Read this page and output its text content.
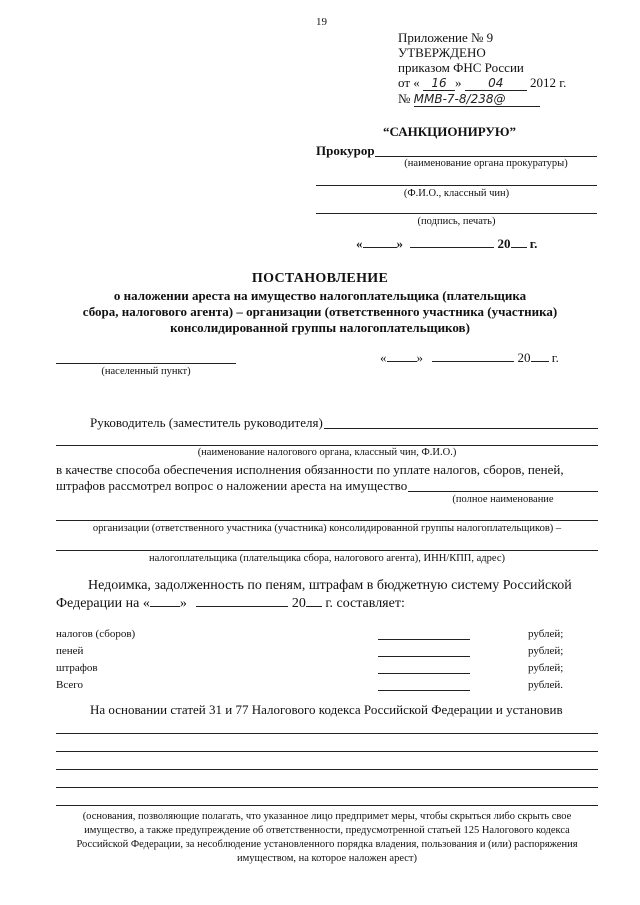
19
Приложение № 9
УТВЕРЖДЕНО
приказом ФНС России
от « 16 » 04 2012 г.
№ ММВ-7-8/238@
“САНКЦИОНИРУЮ”
Прокурор
(наименование органа прокуратуры)
(Ф.И.О., классный чин)
(подпись, печать)
«	»	20 г.
ПОСТАНОВЛЕНИЕ
о наложении ареста на имущество налогоплательщика (плательщика
сбора, налогового агента) – организации (ответственного участника (участника)
консолидированной группы налогоплательщиков)
(населенный пункт)
« »	20 г.
Руководитель (заместитель руководителя)
(наименование налогового органа, классный чин, Ф.И.О.)
в качестве способа обеспечения исполнения обязанности по уплате налогов, сборов, пеней,
штрафов рассмотрел вопрос о наложении ареста на имущество
(полное наименование
организации (ответственного участника (участника) консолидированной группы налогоплательщиков) –
налогоплательщика (плательщика сбора, налогового агента), ИНН/КПП, адрес)
Недоимка, задолженность по пеням, штрафам в бюджетную систему Российской
Федерации на « »	20 г. составляет:
налогов (сборов)	рублей;
пеней	рублей;
штрафов	рублей;
Всего	рублей.
На основании статей 31 и 77 Налогового кодекса Российской Федерации и установив
(основания, позволяющие полагать, что указанное лицо предпримет меры, чтобы скрыться либо скрыть свое
имущество, а также предупреждение об ответственности, предусмотренной статьей 125 Налогового кодекса
Российской Федерации, за несоблюдение установленного порядка владения, пользования и (или) распоряжения
имуществом, на которое наложен арест)
